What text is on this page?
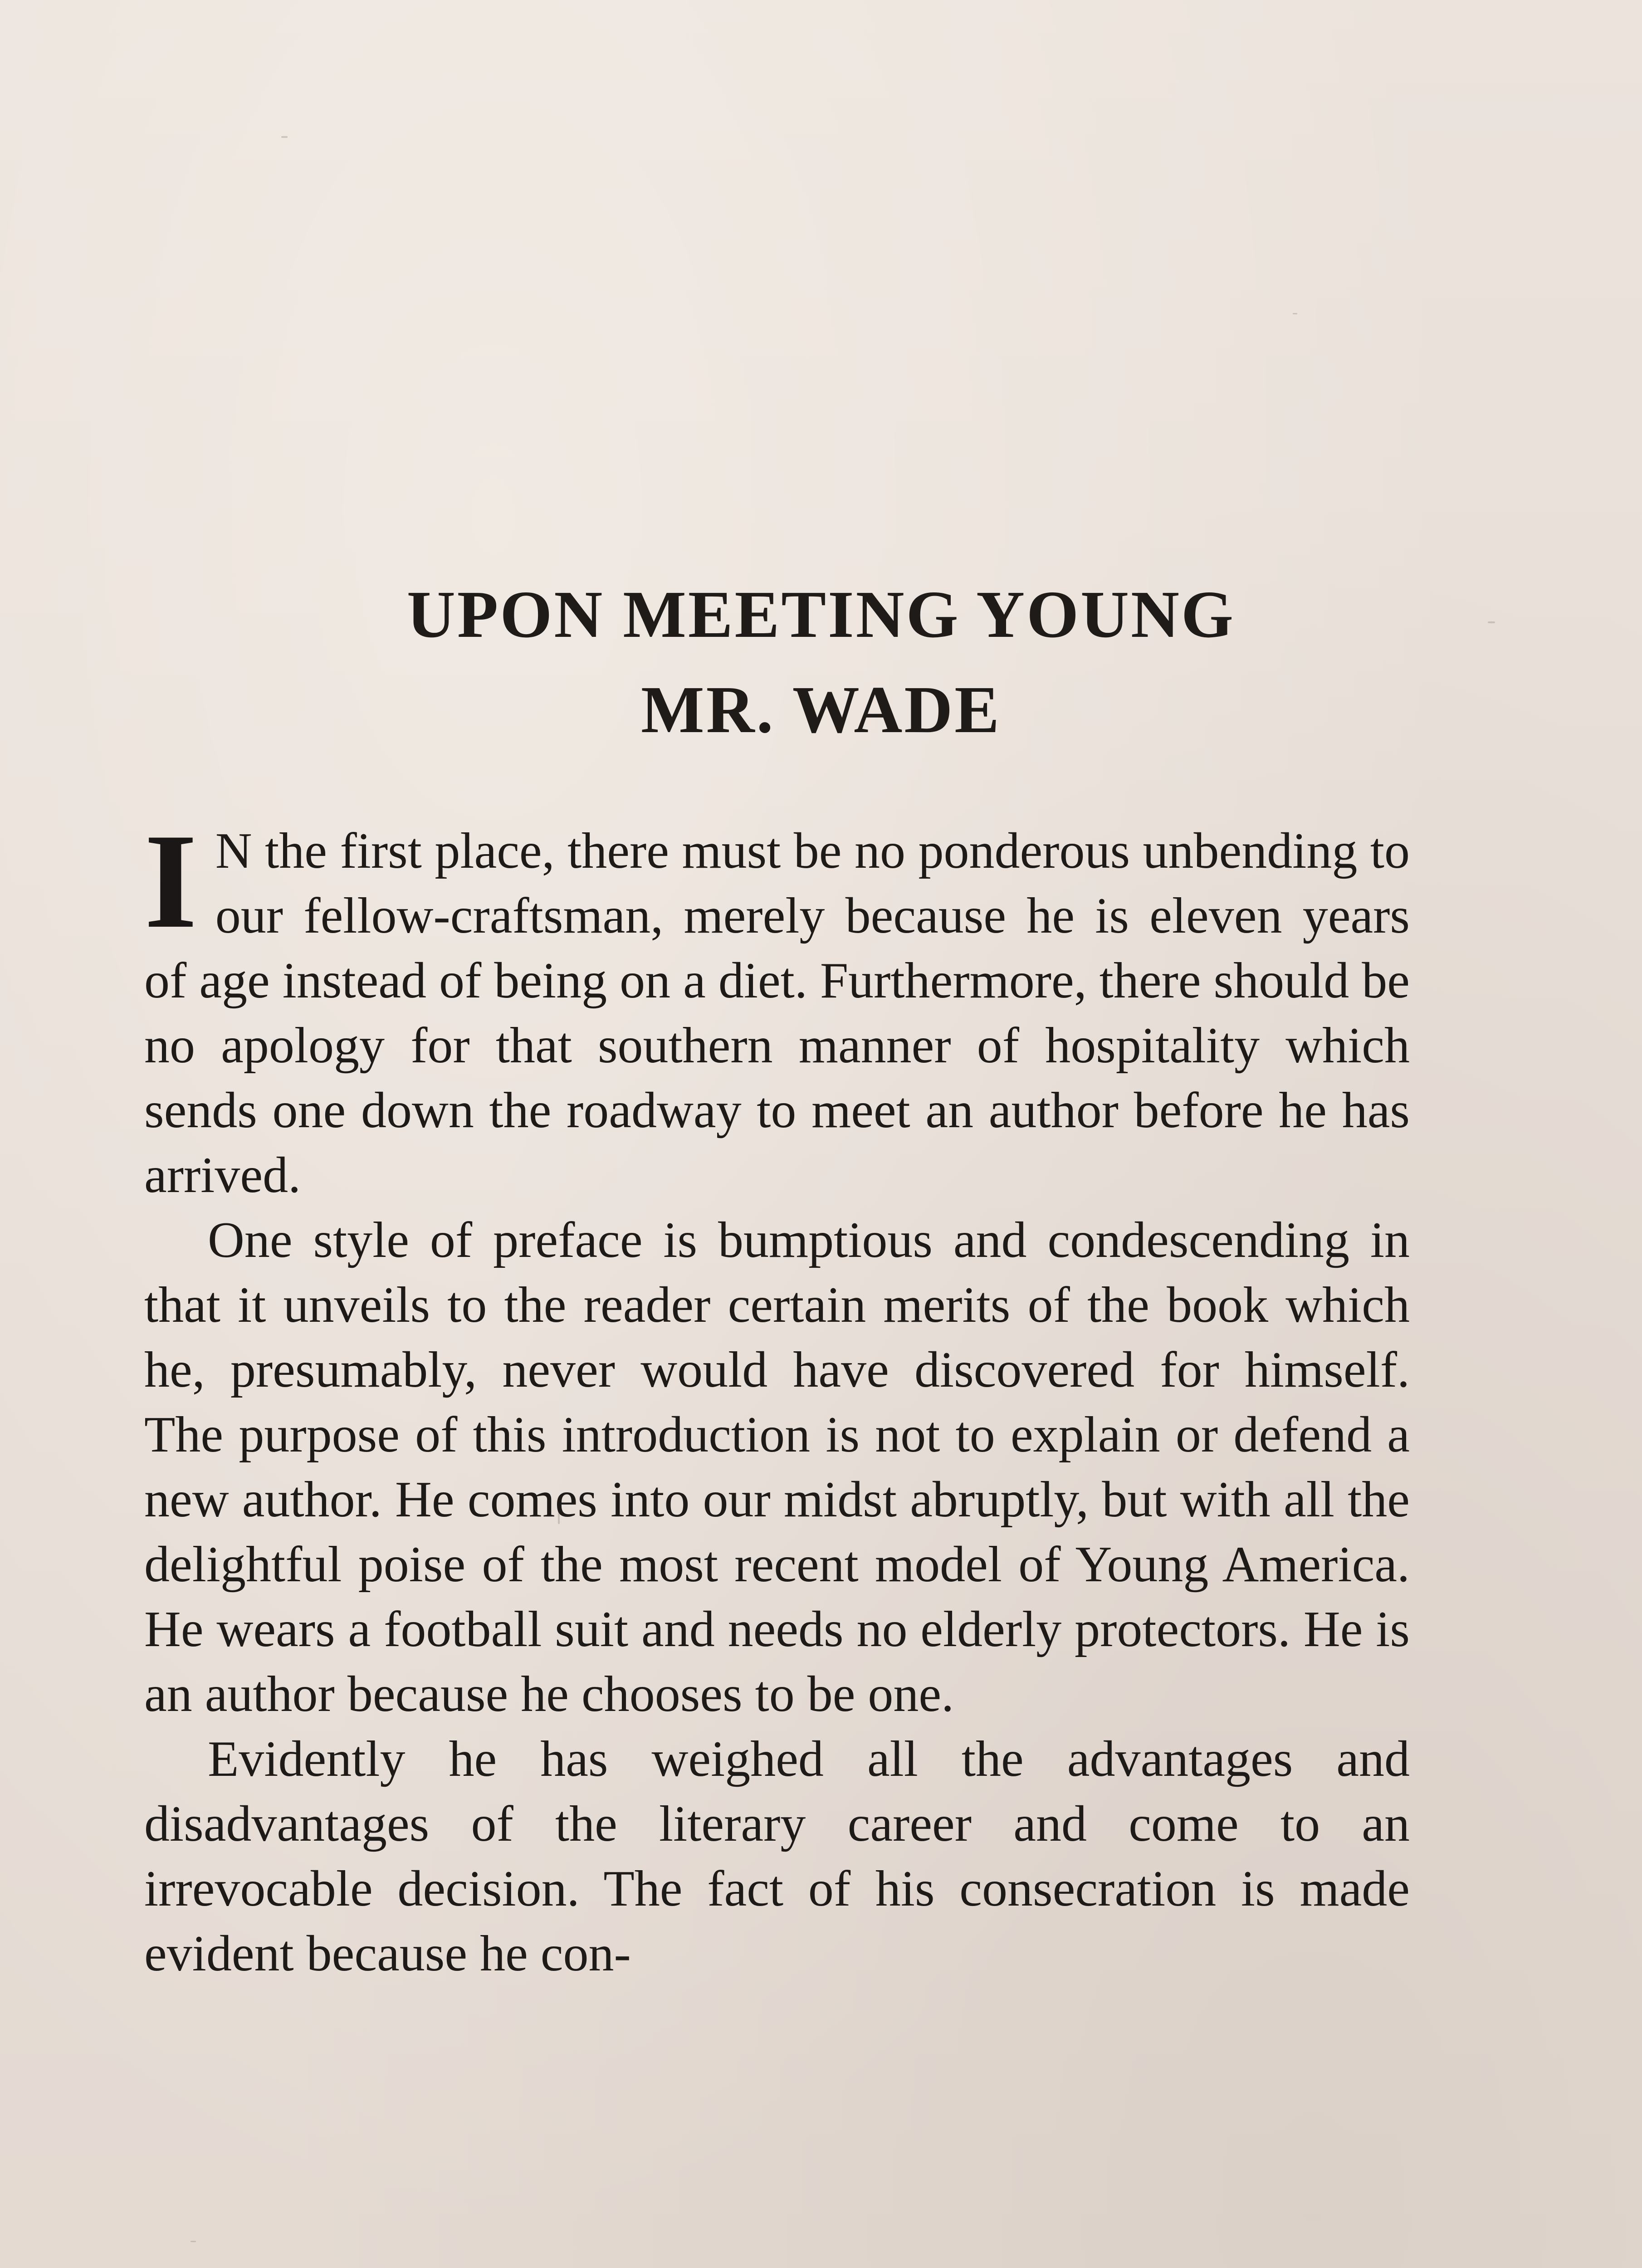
UPON MEETING YOUNG
MR. WADE

I N the first place, there must be no ponderous unbending to our fellow-craftsman, merely because he is eleven years of age instead of being on a diet. Furthermore, there should be no apology for that southern manner of hospitality which sends one down the roadway to meet an author before he has arrived.

One style of preface is bumptious and condescending in that it unveils to the reader certain merits of the book which he, presumably, never would have discovered for himself. The purpose of this introduction is not to explain or defend a new author. He comes into our midst abruptly, but with all the delightful poise of the most recent model of Young America. He wears a football suit and needs no elderly protectors. He is an author because he chooses to be one.

Evidently he has weighed all the advantages and disadvantages of the literary career and come to an irrevocable decision. The fact of his consecration is made evident because he con-
